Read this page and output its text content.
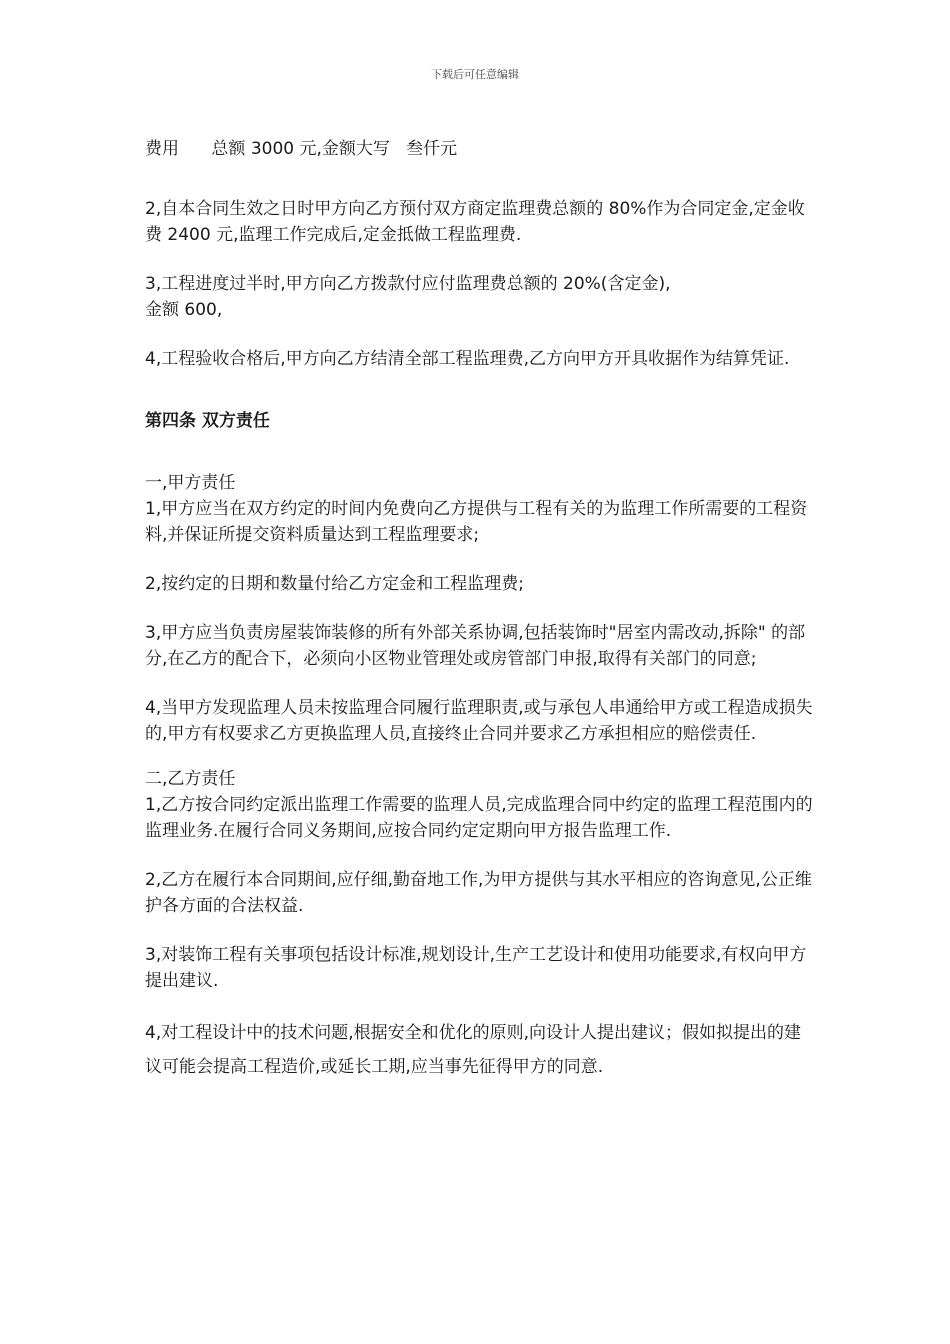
下载后可任意编辑

费用      总额 3000 元,金额大写   叁仟元

2,自本合同生效之日时甲方向乙方预付双方商定监理费总额的 80%作为合同定金,定金收费 2400 元,监理工作完成后,定金抵做工程监理费.

3,工程进度过半时,甲方向乙方拨款付应付监理费总额的 20%(含定金),

金额 600,

4,工程验收合格后,甲方向乙方结清全部工程监理费,乙方向甲方开具收据作为结算凭证.

第四条 双方责任

一,甲方责任

1,甲方应当在双方约定的时间内免费向乙方提供与工程有关的为监理工作所需要的工程资料,并保证所提交资料质量达到工程监理要求;

2,按约定的日期和数量付给乙方定金和工程监理费;

3,甲方应当负责房屋装饰装修的所有外部关系协调,包括装饰时"居室内需改动,拆除" 的部分,在乙方的配合下，必须向小区物业管理处或房管部门申报,取得有关部门的同意;

4,当甲方发现监理人员未按监理合同履行监理职责,或与承包人串通给甲方或工程造成损失的,甲方有权要求乙方更换监理人员,直接终止合同并要求乙方承担相应的赔偿责任.

二,乙方责任

1,乙方按合同约定派出监理工作需要的监理人员,完成监理合同中约定的监理工程范围内的监理业务.在履行合同义务期间,应按合同约定定期向甲方报告监理工作.

2,乙方在履行本合同期间,应仔细,勤奋地工作,为甲方提供与其水平相应的咨询意见,公正维护各方面的合法权益.

3,对装饰工程有关事项包括设计标准,规划设计,生产工艺设计和使用功能要求,有权向甲方提出建议.

4,对工程设计中的技术问题,根据安全和优化的原则,向设计人提出建议；假如拟提出的建议可能会提高工程造价,或延长工期,应当事先征得甲方的同意.
